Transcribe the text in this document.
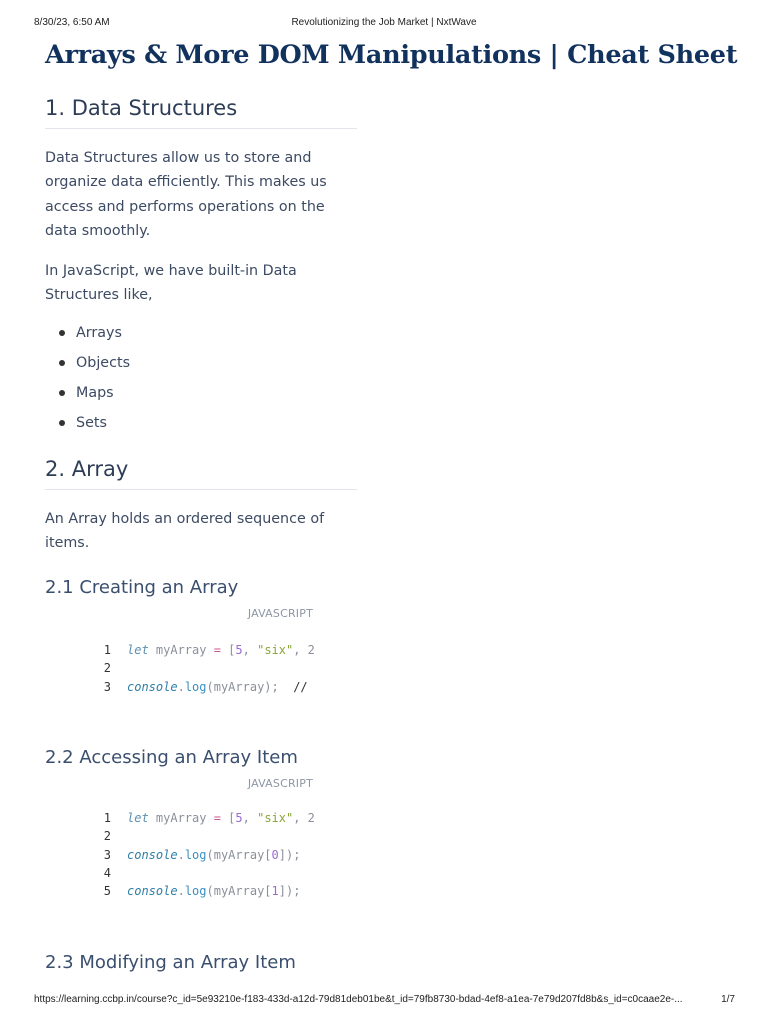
8/30/23, 6:50 AM	Revolutionizing the Job Market | NxtWave
Arrays & More DOM Manipulations | Cheat Sheet
1. Data Structures

Data Structures allow us to store and organize data efficiently. This makes us access and performs operations on the data smoothly.

In JavaScript, we have built-in Data Structures like,

Arrays
Objects
Maps
Sets
2. Array

An Array holds an ordered sequence of items.

2.1 Creating an Array
JAVASCRIPT
1 let myArray = [5, "six", 2
2
3 console.log(myArray);  //
2.2 Accessing an Array Item
JAVASCRIPT
1 let myArray = [5, "six", 2
2
3 console.log(myArray[0]);
4
5 console.log(myArray[1]);
2.3 Modifying an Array Item
https://learning.ccbp.in/course?c_id=5e93210e-f183-433d-a12d-79d81deb01be&t_id=79fb8730-bdad-4ef8-a1ea-7e79d207fd8b&s_id=c0caae2e-...	1/7
